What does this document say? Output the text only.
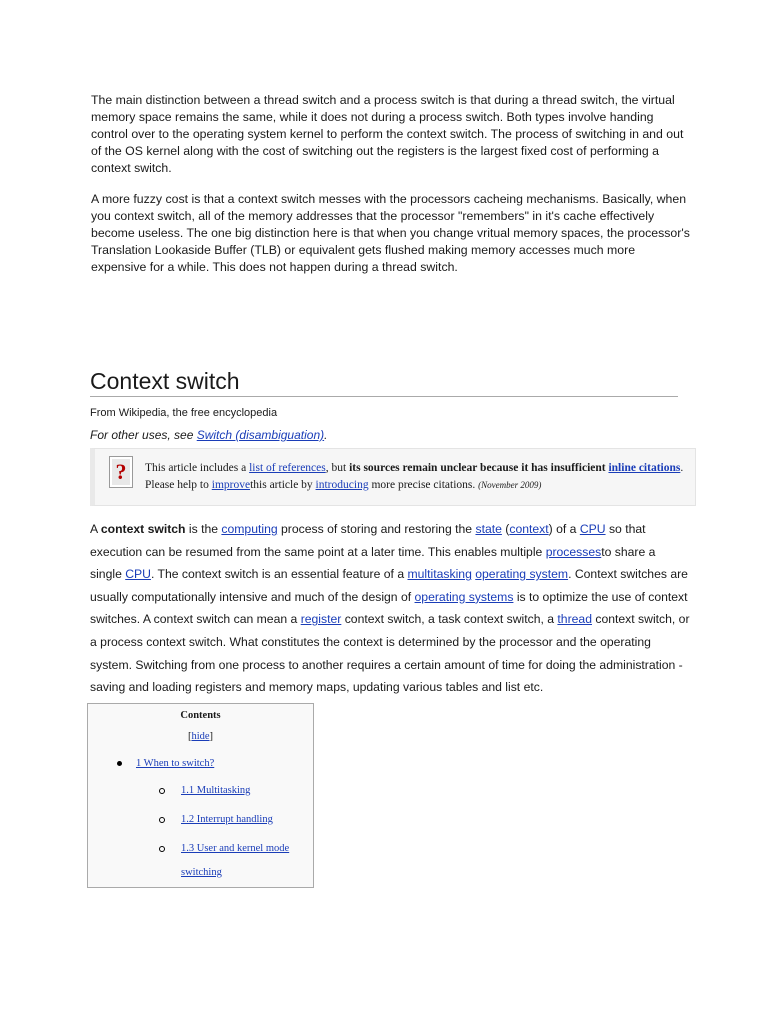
The main distinction between a thread switch and a process switch is that during a thread switch, the virtual memory space remains the same, while it does not during a process switch. Both types involve handing control over to the operating system kernel to perform the context switch. The process of switching in and out of the OS kernel along with the cost of switching out the registers is the largest fixed cost of performing a context switch.

A more fuzzy cost is that a context switch messes with the processors cacheing mechanisms. Basically, when you context switch, all of the memory addresses that the processor "remembers" in it's cache effectively become useless. The one big distinction here is that when you change vritual memory spaces, the processor's Translation Lookaside Buffer (TLB) or equivalent gets flushed making memory accesses much more expensive for a while. This does not happen during a thread switch.

Context switch
From Wikipedia, the free encyclopedia
For other uses, see Switch (disambiguation).
?	This article includes a list of references, but its sources remain unclear because it has insufficient inline citations. Please help to improvethis article by introducing more precise citations. (November 2009)

A context switch is the computing process of storing and restoring the state (context) of a CPU so that execution can be resumed from the same point at a later time. This enables multiple processesto share a single CPU. The context switch is an essential feature of a multitasking operating system. Context switches are usually computationally intensive and much of the design of operating systems is to optimize the use of context switches. A context switch can mean a register context switch, a task context switch, a thread context switch, or a process context switch. What constitutes the context is determined by the processor and the operating system. Switching from one process to another requires a certain amount of time for doing the administration - saving and loading registers and memory maps, updating various tables and list etc.

Contents
[hide]
1 When to switch?
1.1 Multitasking
1.2 Interrupt handling
1.3 User and kernel mode
switching
